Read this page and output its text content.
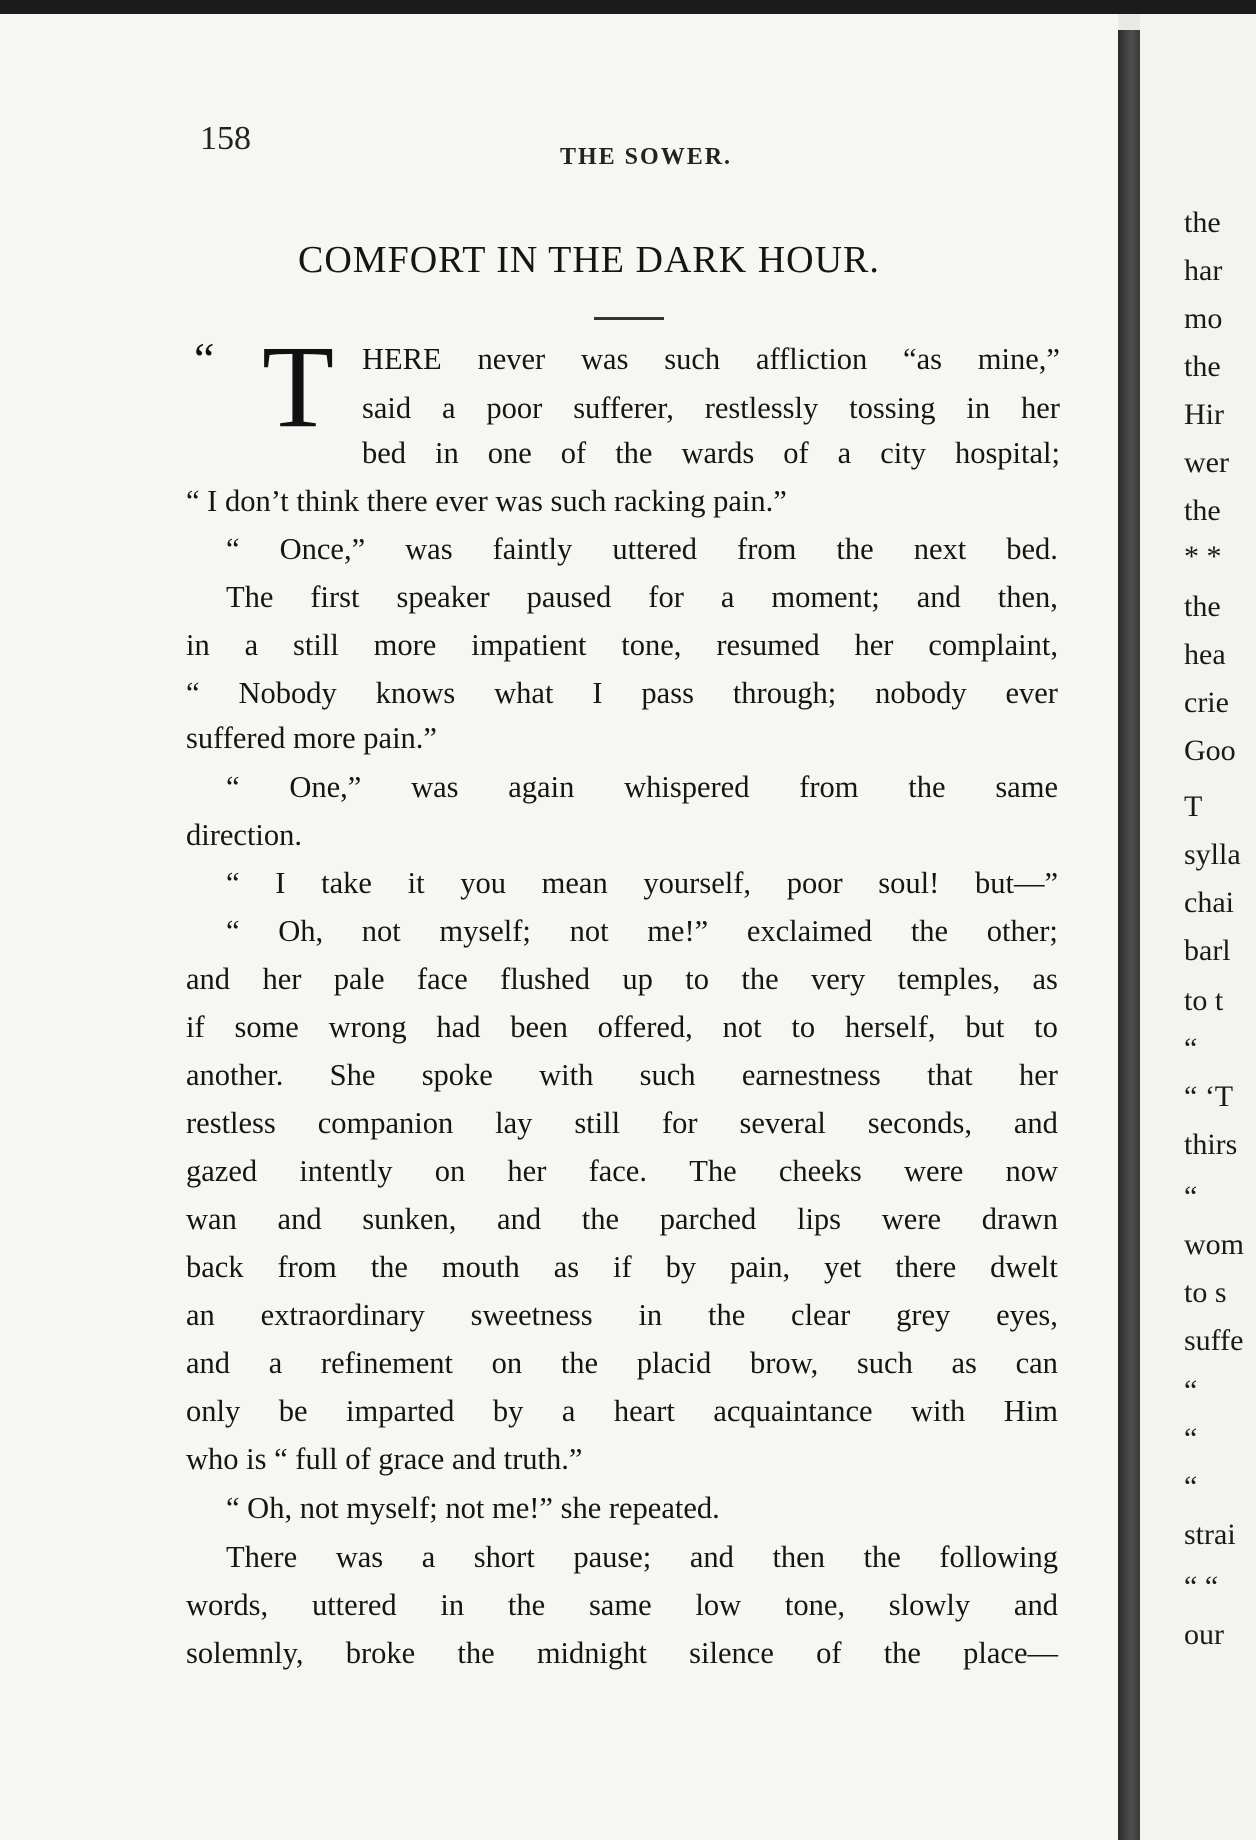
158	THE SOWER.
COMFORT IN THE DARK HOUR.
“ T HERE never was such affliction “as mine,”
said a poor sufferer, restlessly tossing in her
bed in one of the wards of a city hospital;
“ I don’t think there ever was such racking pain.”
“ Once,” was faintly uttered from the next bed.
The first speaker paused for a moment; and then,
in a still more impatient tone, resumed her complaint,
“ Nobody knows what I pass through; nobody ever
suffered more pain.”
“ One,” was again whispered from the same
direction.
“ I take it you mean yourself, poor soul! but—”
“ Oh, not myself; not me!” exclaimed the other;
and her pale face flushed up to the very temples, as
if some wrong had been offered, not to herself, but to
another. She spoke with such earnestness that her
restless companion lay still for several seconds, and
gazed intently on her face. The cheeks were now
wan and sunken, and the parched lips were drawn
back from the mouth as if by pain, yet there dwelt
an extraordinary sweetness in the clear grey eyes,
and a refinement on the placid brow, such as can
only be imparted by a heart acquaintance with Him
who is “ full of grace and truth.”
“ Oh, not myself; not me!” she repeated.
There was a short pause; and then the following
words, uttered in the same low tone, slowly and
solemnly, broke the midnight silence of the place—
the
har
mo
the
Hir
wer
the
* *
the
hea
crie
Goo
T
sylla
chai
barl
to t
“
“ ‘T
thirs
“
wom
to s
suffe
“
“
“
strai
“ “
our
